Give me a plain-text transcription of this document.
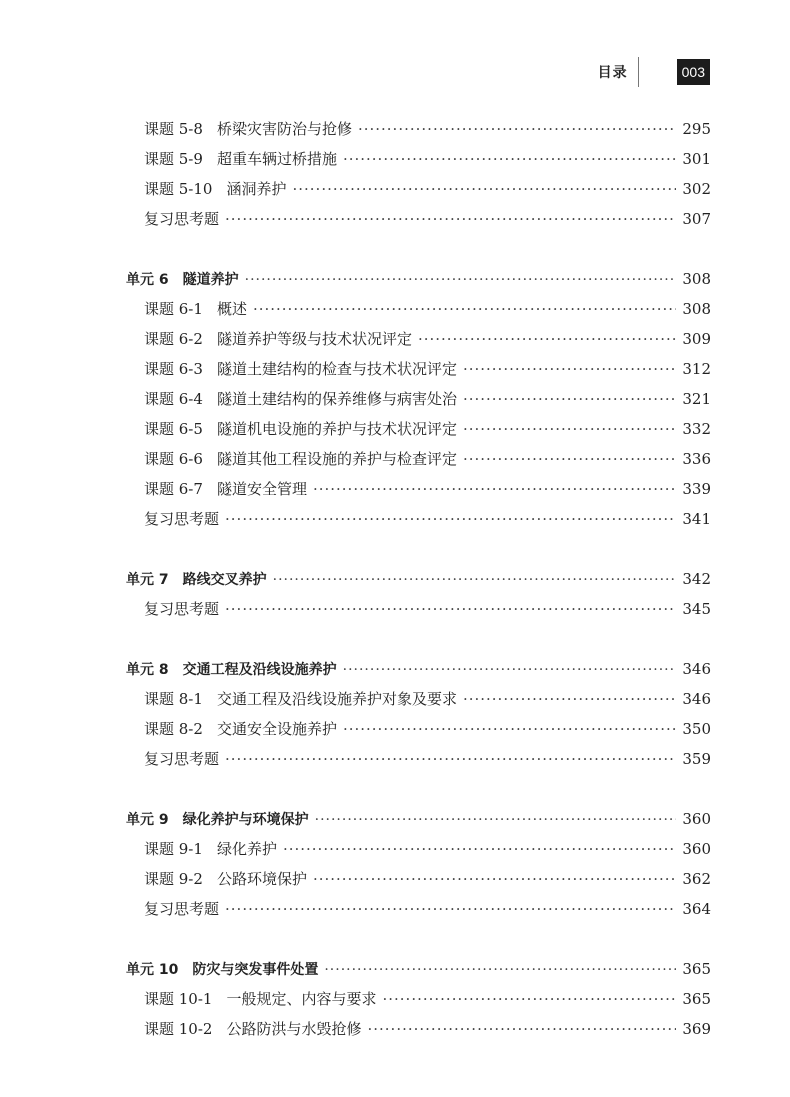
目录	003
课题 5-8 桥梁灾害防治与抢修 ·····	295
课题 5-9 超重车辆过桥措施 ·····	301
课题 5-10 涵洞养护 ·····	302
复习思考题 ·····	307
单元 6 隧道养护 ·····	308
课题 6-1 概述 ·····	308
课题 6-2 隧道养护等级与技术状况评定 ·····	309
课题 6-3 隧道土建结构的检查与技术状况评定 ·····	312
课题 6-4 隧道土建结构的保养维修与病害处治 ·····	321
课题 6-5 隧道机电设施的养护与技术状况评定 ·····	332
课题 6-6 隧道其他工程设施的养护与检查评定 ·····	336
课题 6-7 隧道安全管理 ·····	339
复习思考题 ·····	341
单元 7 路线交叉养护 ·····	342
复习思考题 ·····	345
单元 8 交通工程及沿线设施养护 ·····	346
课题 8-1 交通工程及沿线设施养护对象及要求 ·····	346
课题 8-2 交通安全设施养护 ·····	350
复习思考题 ·····	359
单元 9 绿化养护与环境保护 ·····	360
课题 9-1 绿化养护 ·····	360
课题 9-2 公路环境保护 ·····	362
复习思考题 ·····	364
单元 10 防灾与突发事件处置 ·····	365
课题 10-1 一般规定、内容与要求 ·····	365
课题 10-2 公路防洪与水毁抢修 ·····	369
